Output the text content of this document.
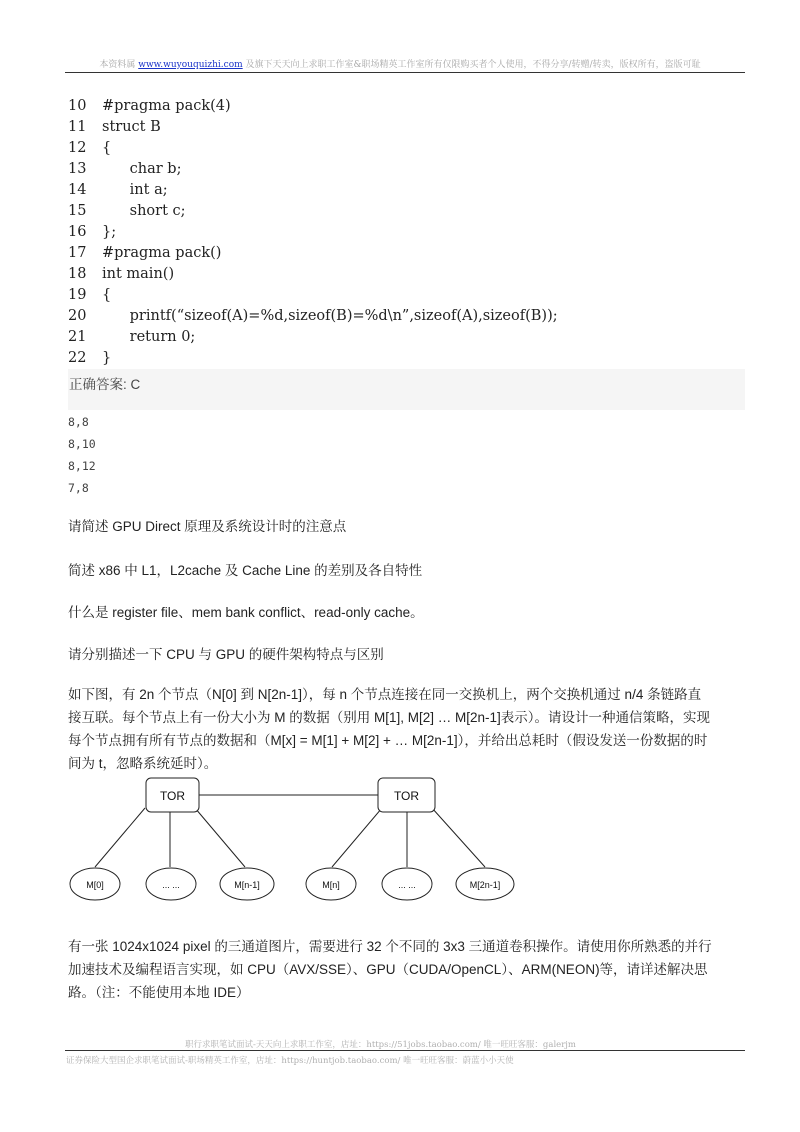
本资料属 www.wuyouquizhi.com 及旗下天天向上求职工作室&职场精英工作室所有仅限购买者个人使用，不得分享/转赠/转卖，版权所有，盗版可耻
10 #pragma pack(4)
11 struct B
12 {
13      char b;
14      int a;
15      short c;
16 };
17 #pragma pack()
18 int main()
19 {
20      printf(“sizeof(A)=%d,sizeof(B)=%d\n”,sizeof(A),sizeof(B));
21      return 0;
22 }
正确答案: C
8,8
8,10
8,12
7,8
请简述 GPU Direct 原理及系统设计时的注意点
简述 x86 中 L1，L2cache 及 Cache Line 的差别及各自特性
什么是 register file、mem bank conflict、read-only cache。
请分别描述一下 CPU 与 GPU 的硬件架构特点与区别
如下图，有 2n 个节点（N[0] 到 N[2n-1]），每 n 个节点连接在同一交换机上，两个交换机通过 n/4 条链路直
接互联。每个节点上有一份大小为 M 的数据（别用 M[1], M[2] … M[2n-1]表示）。请设计一种通信策略，实现
每个节点拥有所有节点的数据和（M[x] = M[1] + M[2] + … M[2n-1]），并给出总耗时（假设发送一份数据的时
间为 t，忽略系统延时）。
TOR	TOR
M[0]	... ...	M[n-1]	M[n]	... ...	M[2n-1]
有一张 1024x1024 pixel 的三通道图片，需要进行 32 个不同的 3x3 三通道卷积操作。请使用你所熟悉的并行
加速技术及编程语言实现，如 CPU（AVX/SSE）、GPU（CUDA/OpenCL）、ARM(NEON)等，请详述解决思
路。（注：不能使用本地 IDE）
职行求职笔试面试-天天向上求职工作室，店址：https://51jobs.taobao.com/ 唯一旺旺客服：galerjm
证券保险大型国企求职笔试面试-职场精英工作室，店址：https://huntjob.taobao.com/ 唯一旺旺客服：蔚蓝小小天使
